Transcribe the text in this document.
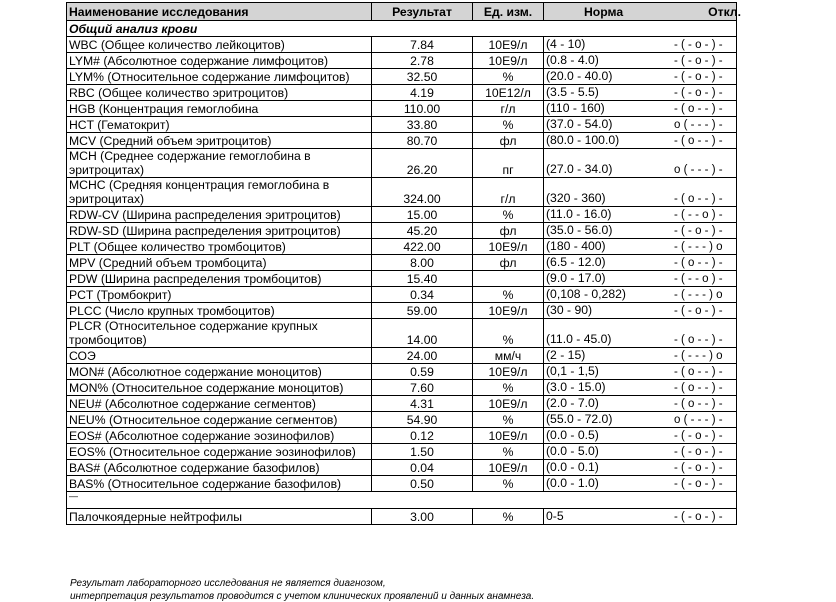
Наименование исследования	Результат	Ед. изм.	Норма Откл.
Общий анализ крови			
WBC (Общее количество лейкоцитов)	7.84	10E9/л	(4 - 10) - ( - o - ) -
LYM# (Абсолютное содержание лимфоцитов)	2.78	10E9/л	(0.8 - 4.0) - ( - o - ) -
LYM% (Относительное содержание лимфоцитов)	32.50	%	(20.0 - 40.0) - ( - o - ) -
RBC (Общее количество эритроцитов)	4.19	10E12/л	(3.5 - 5.5) - ( - o - ) -
HGB (Концентрация гемоглобина	110.00	г/л	(110 - 160) - ( o - - ) -
HCT (Гематокрит)	33.80	%	(37.0 - 54.0) o ( - - - ) -
MCV (Средний объем эритроцитов)	80.70	фл	(80.0 - 100.0) - ( o - - ) -
MCH (Среднее содержание гемоглобина в эритроцитах)	26.20	пг	(27.0 - 34.0) o ( - - - ) -
MCHC (Средняя концентрация гемоглобина в эритроцитах)	324.00	г/л	(320 - 360) - ( o - - ) -
RDW-CV (Ширина распределения эритроцитов)	15.00	%	(11.0 - 16.0) - ( - - o ) -
RDW-SD (Ширина распределения эритроцитов)	45.20	фл	(35.0 - 56.0) - ( - o - ) -
PLT (Общее количество тромбоцитов)	422.00	10E9/л	(180 - 400) - ( - - - ) o
MPV (Средний объем тромбоцита)	8.00	фл	(6.5 - 12.0) - ( o - - ) -
PDW (Ширина распределения тромбоцитов)	15.40		(9.0 - 17.0) - ( - - o ) -
PCT (Тромбокрит)	0.34	%	(0,108 - 0,282) - ( - - - ) o
PLCC (Число крупных тромбоцитов)	59.00	10E9/л	(30 - 90) - ( - o - ) -
PLCR (Относительное содержание крупных тромбоцитов)	14.00	%	(11.0 - 45.0) - ( o - - ) -
СОЭ	24.00	мм/ч	(2 - 15) - ( - - - ) o
MON# (Абсолютное содержание моноцитов)	0.59	10E9/л	(0,1 - 1,5) - ( o - - ) -
MON% (Относительное содержание моноцитов)	7.60	%	(3.0 - 15.0) - ( o - - ) -
NEU# (Абсолютное содержание сегментов)	4.31	10E9/л	(2.0 - 7.0) - ( o - - ) -
NEU% (Относительное содержание сегментов)	54.90	%	(55.0 - 72.0) o ( - - - ) -
EOS# (Абсолютное содержание эозинофилов)	0.12	10E9/л	(0.0 - 0.5) - ( - o - ) -
EOS% (Относительное содержание эозинофилов)	1.50	%	(0.0 - 5.0) - ( - o - ) -
BAS# (Абсолютное содержание базофилов)	0.04	10E9/л	(0.0 - 0.1) - ( - o - ) -
BAS% (Относительное содержание базофилов)	0.50	%	(0.0 - 1.0) - ( - o - ) -
—			
Палочкоядерные нейтрофилы	3.00	%	0-5 - ( - o - ) -
Результат лабораторного исследования не является диагнозом,
интерпретация результатов проводится с учетом клинических проявлений и данных анамнеза.
